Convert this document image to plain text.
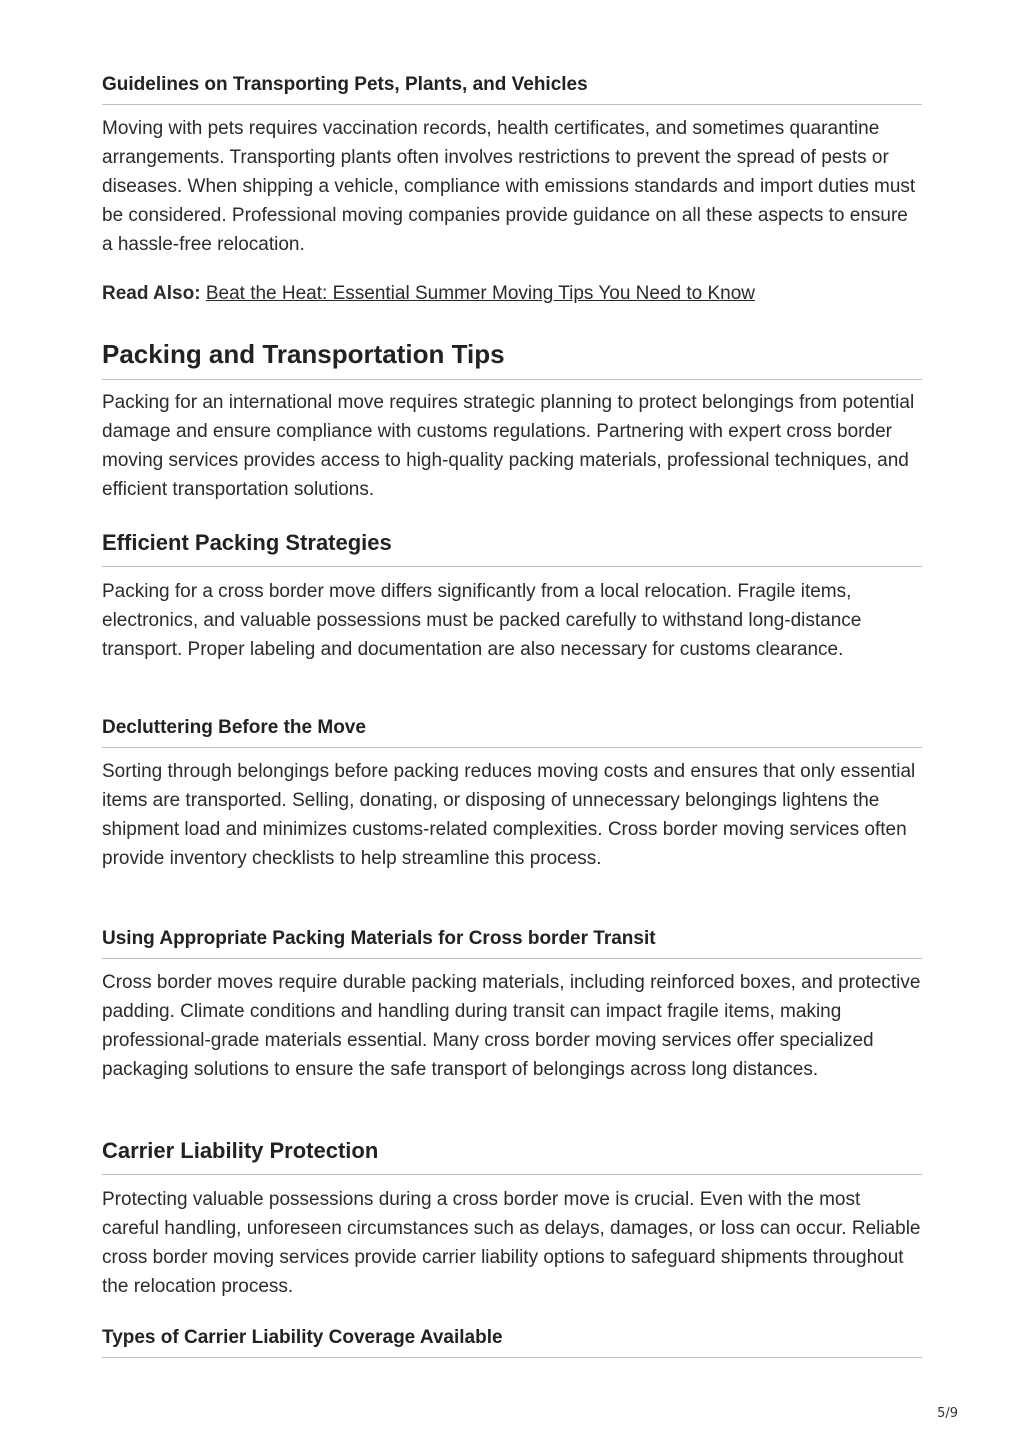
Guidelines on Transporting Pets, Plants, and Vehicles

Moving with pets requires vaccination records, health certificates, and sometimes quarantine arrangements. Transporting plants often involves restrictions to prevent the spread of pests or diseases. When shipping a vehicle, compliance with emissions standards and import duties must be considered. Professional moving companies provide guidance on all these aspects to ensure a hassle-free relocation.

Read Also: Beat the Heat: Essential Summer Moving Tips You Need to Know

Packing and Transportation Tips

Packing for an international move requires strategic planning to protect belongings from potential damage and ensure compliance with customs regulations. Partnering with expert cross border moving services provides access to high-quality packing materials, professional techniques, and efficient transportation solutions.

Efficient Packing Strategies

Packing for a cross border move differs significantly from a local relocation. Fragile items, electronics, and valuable possessions must be packed carefully to withstand long-distance transport. Proper labeling and documentation are also necessary for customs clearance.

Decluttering Before the Move

Sorting through belongings before packing reduces moving costs and ensures that only essential items are transported. Selling, donating, or disposing of unnecessary belongings lightens the shipment load and minimizes customs-related complexities. Cross border moving services often provide inventory checklists to help streamline this process.

Using Appropriate Packing Materials for Cross border Transit

Cross border moves require durable packing materials, including reinforced boxes, and protective padding. Climate conditions and handling during transit can impact fragile items, making professional-grade materials essential. Many cross border moving services offer specialized packaging solutions to ensure the safe transport of belongings across long distances.

Carrier Liability Protection

Protecting valuable possessions during a cross border move is crucial. Even with the most careful handling, unforeseen circumstances such as delays, damages, or loss can occur. Reliable cross border moving services provide carrier liability options to safeguard shipments throughout the relocation process.

Types of Carrier Liability Coverage Available
5/9
